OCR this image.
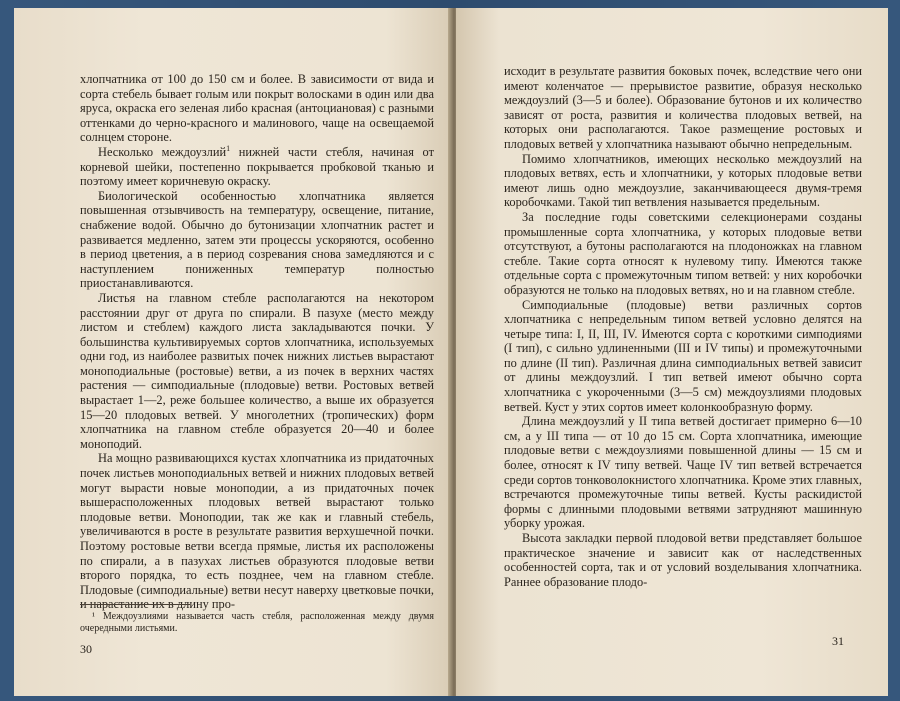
хлопчатника от 100 до 150 см и более. В зависимости от вида и сорта стебель бывает голым или покрыт волосками в один или два яруса, окраска его зеленая либо красная (антоциановая) с разными оттенками до черно-красного и малинового, чаще на освещаемой солнцем стороне.

Несколько междоузлий$^1$ нижней части стебля, начиная от корневой шейки, постепенно покрывается пробковой тканью и поэтому имеет коричневую окраску.

Биологической особенностью хлопчатника является повышенная отзывчивость на температуру, освещение, питание, снабжение водой. Обычно до бутонизации хлопчатник растет и развивается медленно, затем эти процессы ускоряются, особенно в период цветения, а в период созревания снова замедляются и с наступлением пониженных температур полностью приостанавливаются.

Листья на главном стебле располагаются на некотором расстоянии друг от друга по спирали. В пазухе (место между листом и стеблем) каждого листа закладываются почки. У большинства культивируемых сортов хлопчатника, используемых одни год, из наиболее развитых почек нижних листьев вырастают моноподиальные (ростовые) ветви, а из почек в верхних частях растения — симподиальные (плодовые) ветви. Ростовых ветвей вырастает 1—2, реже большее количество, а выше их образуется 15—20 плодовых ветвей. У многолетних (тропических) форм хлопчатника на главном стебле образуется 20—40 и более моноподий.

На мощно развивающихся кустах хлопчатника из придаточных почек листьев моноподиальных ветвей и нижних плодовых ветвей могут вырасти новые моноподии, а из придаточных почек вышерасположенных плодовых ветвей вырастают только плодовые ветви. Моноподии, так же как и главный стебель, увеличиваются в росте в результате развития верхушечной почки. Поэтому ростовые ветви всегда прямые, листья их расположены по спирали, а в пазухах листьев образуются плодовые ветви второго порядка, то есть позднее, чем на главном стебле. Плодовые (симподиальные) ветви несут наверху цветковые почки, и нарастание их в длину про-

¹ Междоузлиями называется часть стебля, расположенная между двумя очередными листьями.
30

исходит в результате развития боковых почек, вследствие чего они имеют коленчатое — прерывистое развитие, образуя несколько междоузлий (3—5 и более). Образование бутонов и их количество зависят от роста, развития и количества плодовых ветвей, на которых они располагаются. Такое размещение ростовых и плодовых ветвей у хлопчатника называют обычно непредельным.

Помимо хлопчатников, имеющих несколько междоузлий на плодовых ветвях, есть и хлопчатники, у которых плодовые ветви имеют лишь одно междоузлие, заканчивающееся двумя-тремя коробочками. Такой тип ветвления называется предельным.

За последние годы советскими селекционерами созданы промышленные сорта хлопчатника, у которых плодовые ветви отсутствуют, а бутоны располагаются на плодоножках на главном стебле. Такие сорта относят к нулевому типу. Имеются также отдельные сорта с промежуточным типом ветвей: у них коробочки образуются не только на плодовых ветвях, но и на главном стебле.

Симподиальные (плодовые) ветви различных сортов хлопчатника с непредельным типом ветвей условно делятся на четыре типа: I, II, III, IV. Имеются сорта с короткими симподиями (I тип), с сильно удлиненными (III и IV типы) и промежуточными по длине (II тип). Различная длина симподиальных ветвей зависит от длины междоузлий. I тип ветвей имеют обычно сорта хлопчатника с укороченными (3—5 см) междоузлиями плодовых ветвей. Куст у этих сортов имеет колонкообразную форму.

Длина междоузлий у II типа ветвей достигает примерно 6—10 см, а у III типа — от 10 до 15 см. Сорта хлопчатника, имеющие плодовые ветви с междоузлиями повышенной длины — 15 см и более, относят к IV типу ветвей. Чаще IV тип ветвей встречается среди сортов тонковолокнистого хлопчатника. Кроме этих главных, встречаются промежуточные типы ветвей. Кусты раскидистой формы с длинными плодовыми ветвями затрудняют машинную уборку урожая.

Высота закладки первой плодовой ветви представляет большое практическое значение и зависит как от наследственных особенностей сорта, так и от условий возделывания хлопчатника. Раннее образование плодо-

31
